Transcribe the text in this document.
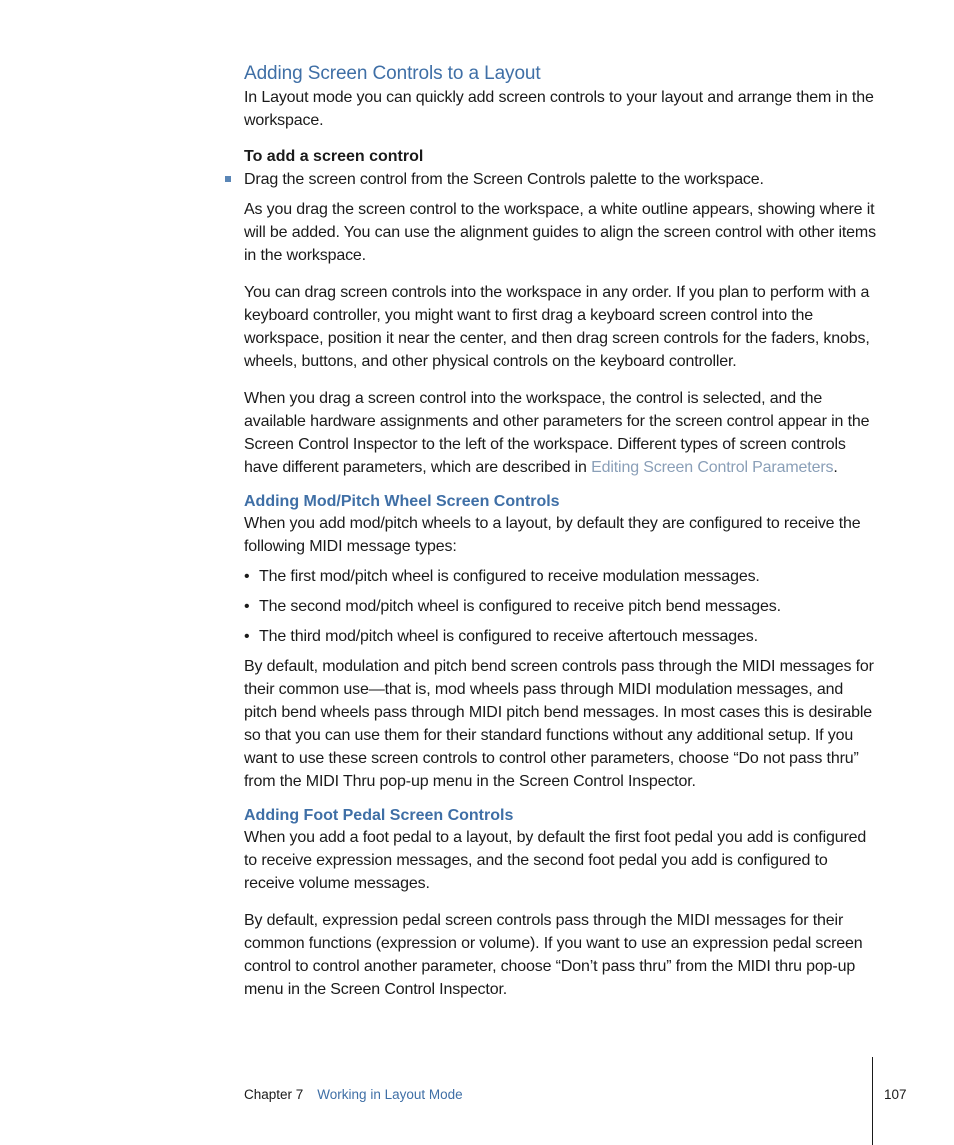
Adding Screen Controls to a Layout

In Layout mode you can quickly add screen controls to your layout and arrange them in the workspace.

To add a screen control

Drag the screen control from the Screen Controls palette to the workspace.

As you drag the screen control to the workspace, a white outline appears, showing where it will be added. You can use the alignment guides to align the screen control with other items in the workspace.

You can drag screen controls into the workspace in any order. If you plan to perform with a keyboard controller, you might want to first drag a keyboard screen control into the workspace, position it near the center, and then drag screen controls for the faders, knobs, wheels, buttons, and other physical controls on the keyboard controller.

When you drag a screen control into the workspace, the control is selected, and the available hardware assignments and other parameters for the screen control appear in the Screen Control Inspector to the left of the workspace. Different types of screen controls have different parameters, which are described in Editing Screen Control Parameters.

Adding Mod/Pitch Wheel Screen Controls

When you add mod/pitch wheels to a layout, by default they are configured to receive the following MIDI message types:

• The first mod/pitch wheel is configured to receive modulation messages.
• The second mod/pitch wheel is configured to receive pitch bend messages.
• The third mod/pitch wheel is configured to receive aftertouch messages.

By default, modulation and pitch bend screen controls pass through the MIDI messages for their common use—that is, mod wheels pass through MIDI modulation messages, and pitch bend wheels pass through MIDI pitch bend messages. In most cases this is desirable so that you can use them for their standard functions without any additional setup. If you want to use these screen controls to control other parameters, choose “Do not pass thru” from the MIDI Thru pop-up menu in the Screen Control Inspector.

Adding Foot Pedal Screen Controls

When you add a foot pedal to a layout, by default the first foot pedal you add is configured to receive expression messages, and the second foot pedal you add is configured to receive volume messages.

By default, expression pedal screen controls pass through the MIDI messages for their common functions (expression or volume). If you want to use an expression pedal screen control to control another parameter, choose “Don’t pass thru” from the MIDI thru pop-up menu in the Screen Control Inspector.

Chapter 7 Working in Layout Mode	107
